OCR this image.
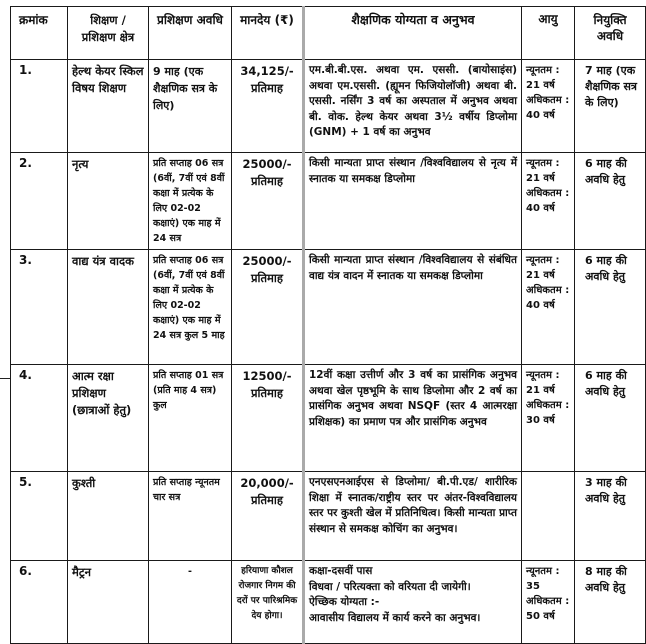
क्रमांक	शिक्षण / प्रशिक्षण क्षेत्र	प्रशिक्षण अवधि	मानदेय (₹)	शैक्षणिक योग्यता व अनुभव	आयु	नियुक्ति अवधि
1.	हेल्थ केयर स्किल विषय शिक्षण	9 माह (एक शैक्षणिक सत्र के लिए)	34,125/- प्रतिमाह	एम.बी.बी.एस. अथवा एम. एससी. (बायोसाइंस) अथवा एम.एससी. (ह्यूमन फिजियोलॉजी) अथवा बी. एससी. नर्सिंग 3 वर्ष का अस्पताल में अनुभव अथवा बी. वोक. हेल्थ केयर अथवा 3½ वर्षीय डिप्लोमा (GNM) + 1 वर्ष का अनुभव	न्यूनतम : 21 वर्ष अधिकतम : 40 वर्ष	7 माह (एक शैक्षणिक सत्र के लिए)
2.	नृत्य	प्रति सप्ताह 06 सत्र (6वीं, 7वीं एवं 8वीं कक्षा में प्रत्येक के लिए 02-02 कक्षाएं) एक माह में 24 सत्र	25000/- प्रतिमाह	किसी मान्यता प्राप्त संस्थान /विश्वविद्यालय से नृत्य में स्नातक या समकक्ष डिप्लोमा	न्यूनतम : 21 वर्ष अधिकतम : 40 वर्ष	6 माह की अवधि हेतु
3.	वाद्य यंत्र वादक	प्रति सप्ताह 06 सत्र (6वीं, 7वीं एवं 8वीं कक्षा में प्रत्येक के लिए 02-02 कक्षाएं) एक माह में 24 सत्र कुल 5 माह	25000/- प्रतिमाह	किसी मान्यता प्राप्त संस्थान /विश्वविद्यालय से संबंधित वाद्य यंत्र वादन में स्नातक या समकक्ष डिप्लोमा	न्यूनतम : 21 वर्ष अधिकतम : 40 वर्ष	6 माह की अवधि हेतु
4.	आत्म रक्षा प्रशिक्षण (छात्राओं हेतु)	प्रति सप्ताह 01 सत्र (प्रति माह 4 सत्र) कुल	12500/- प्रतिमाह	12वीं कक्षा उत्तीर्ण और 3 वर्ष का प्रासंगिक अनुभव अथवा खेल पृष्ठभूमि के साथ डिप्लोमा और 2 वर्ष का प्रासंगिक अनुभव अथवा NSQF (स्तर 4 आत्मरक्षा प्रशिक्षक) का प्रमाण पत्र और प्रासंगिक अनुभव	न्यूनतम : 21 वर्ष अधिकतम : 30 वर्ष	6 माह की अवधि हेतु
5.	कुश्ती	प्रति सप्ताह न्यूनतम चार सत्र	20,000/- प्रतिमाह	एनएसएनआईएस से डिप्लोमा/ बी.पी.एड/ शारीरिक शिक्षा में स्नातक/राष्ट्रीय स्तर पर अंतर-विश्वविद्यालय स्तर पर कुश्ती खेल में प्रतिनिधित्व। किसी मान्यता प्राप्त संस्थान से समकक्ष कोचिंग का अनुभव।		3 माह की अवधि हेतु
6.	मैट्रन	-	हरियाणा कौशल रोजगार निगम की दरों पर पारिश्रमिक देय होगा।	कक्षा-दसवीं पास
विधवा / परित्यक्ता को वरियता दी जायेगी।
ऐच्छिक योग्यता :-
आवासीय विद्यालय में कार्य करने का अनुभव।	न्यूनतम : 35 अधिकतम : 50 वर्ष	8 माह की अवधि हेतु
